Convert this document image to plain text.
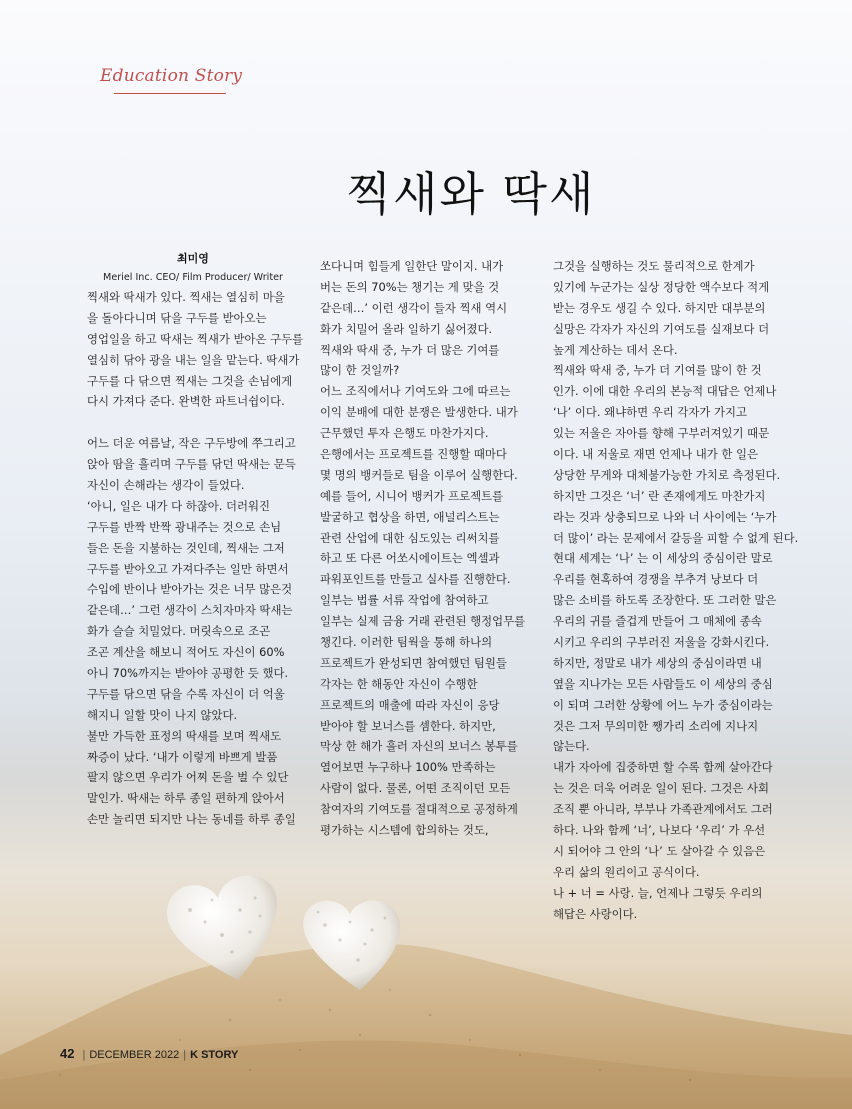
Education Story
찍새와 딱새
최미영
Meriel Inc. CEO/ Film Producer/ Writer
찍새와 딱새가 있다. 찍새는 열심히 마을
을 돌아다니며 닦을 구두를 받아오는
영업일을 하고 딱새는 찍새가 받아온 구두를
열심히 닦아 광을 내는 일을 맡는다. 딱새가
구두를 다 닦으면 찍새는 그것을 손님에게
다시 가져다 준다. 완벽한 파트너쉽이다.
어느 더운 여름날, 작은 구두방에 쭈그리고
앉아 땀을 흘리며 구두를 닦던 딱새는 문득
자신이 손해라는 생각이 들었다.
‘아니, 일은 내가 다 하잖아. 더러워진
구두를 반짝 반짝 광내주는 것으로 손님
들은 돈을 지불하는 것인데, 찍새는 그저
구두를 받아오고 가져다주는 일만 하면서
수입에 반이나 받아가는 것은 너무 많은것
같은데…’ 그런 생각이 스치자마자 딱새는
화가 슬슬 치밀었다. 머릿속으로 조곤
조곤 계산을 해보니 적어도 자신이 60%
아니 70%까지는 받아야 공평한 듯 했다.
구두를 닦으면 닦을 수록 자신이 더 억울
해지니 일할 맛이 나지 않았다.
불만 가득한 표정의 딱새를 보며 찍새도
짜증이 났다. ‘내가 이렇게 바쁘게 발품
팔지 않으면 우리가 어찌 돈을 벌 수 있단
말인가. 딱새는 하루 종일 편하게 앉아서
손만 놀리면 되지만 나는 동네를 하루 종일
쏘다니며 힘들게 일한단 말이지. 내가
버는 돈의 70%는 챙기는 게 맞을 것
같은데…’ 이런 생각이 들자 찍새 역시
화가 치밀어 올라 일하기 싫어졌다.
찍새와 딱새 중, 누가 더 많은 기여를
많이 한 것일까?
어느 조직에서나 기여도와 그에 따르는
이익 분배에 대한 분쟁은 발생한다. 내가
근무했던 투자 은행도 마찬가지다.
은행에서는 프로젝트를 진행할 때마다
몇 명의 뱅커들로 팀을 이루어 실행한다.
예를 들어, 시니어 뱅커가 프로젝트를
발굴하고 협상을 하면, 애널리스트는
관련 산업에 대한 심도있는 리써치를
하고 또 다른 어쏘시에이트는 엑셀과
파워포인트를 만들고 실사를 진행한다.
일부는 법률 서류 작업에 참여하고
일부는 실제 금융 거래 관련된 행정업무를
챙긴다. 이러한 팀웍을 통해 하나의
프로젝트가 완성되면 참여했던 팀원들
각자는 한 해동안 자신이 수행한
프로젝트의 매출에 따라 자신이 응당
받아야 할 보너스를 셈한다. 하지만,
막상 한 해가 흘러 자신의 보너스 봉투를
열어보면 누구하나 100% 만족하는
사람이 없다. 물론, 어떤 조직이던 모든
참여자의 기여도를 절대적으로 공정하게
평가하는 시스템에 합의하는 것도,
그것을 실행하는 것도 물리적으로 한계가
있기에 누군가는 실상 정당한 액수보다 적게
받는 경우도 생길 수 있다. 하지만 대부분의
실망은 각자가 자신의 기여도를 실재보다 더
높게 계산하는 데서 온다.
찍새와 딱새 중, 누가 더 기여를 많이 한 것
인가. 이에 대한 우리의 본능적 대답은 언제나
‘나’ 이다. 왜냐하면 우리 각자가 가지고
있는 저울은 자아를 향해 구부러져있기 때문
이다. 내 저울로 재면 언제나 내가 한 일은
상당한 무게와 대체불가능한 가치로 측정된다.
하지만 그것은 ‘너’ 란 존재에게도 마찬가지
라는 것과 상충되므로 나와 너 사이에는 ‘누가
더 많이’ 라는 문제에서 갈등을 피할 수 없게 된다.
현대 세계는 ‘나’ 는 이 세상의 중심이란 말로
우리를 현혹하여 경쟁을 부추겨 낭보다 더
많은 소비를 하도록 조장한다. 또 그러한 말은
우리의 귀를 즐겁게 만들어 그 매체에 종속
시키고 우리의 구부러진 저울을 강화시킨다.
하지만, 정말로 내가 세상의 중심이라면 내
옆을 지나가는 모든 사람들도 이 세상의 중심
이 되며 그러한 상황에 어느 누가 중심이라는
것은 그저 무의미한 쨍가리 소리에 지나지
않는다.
내가 자아에 집중하면 할 수록 함께 살아간다
는 것은 더욱 어려운 일이 된다. 그것은 사회
조직 뿐 아니라, 부부나 가족관계에서도 그러
하다. 나와 함께 ‘너’, 나보다 ‘우리’ 가 우선
시 되어야 그 안의 ‘나’ 도 살아갈 수 있음은
우리 삶의 원리이고 공식이다.
나 + 너 = 사랑. 늘, 언제나 그렇듯 우리의
해답은 사랑이다.
42 | DECEMBER 2022 | K STORY
